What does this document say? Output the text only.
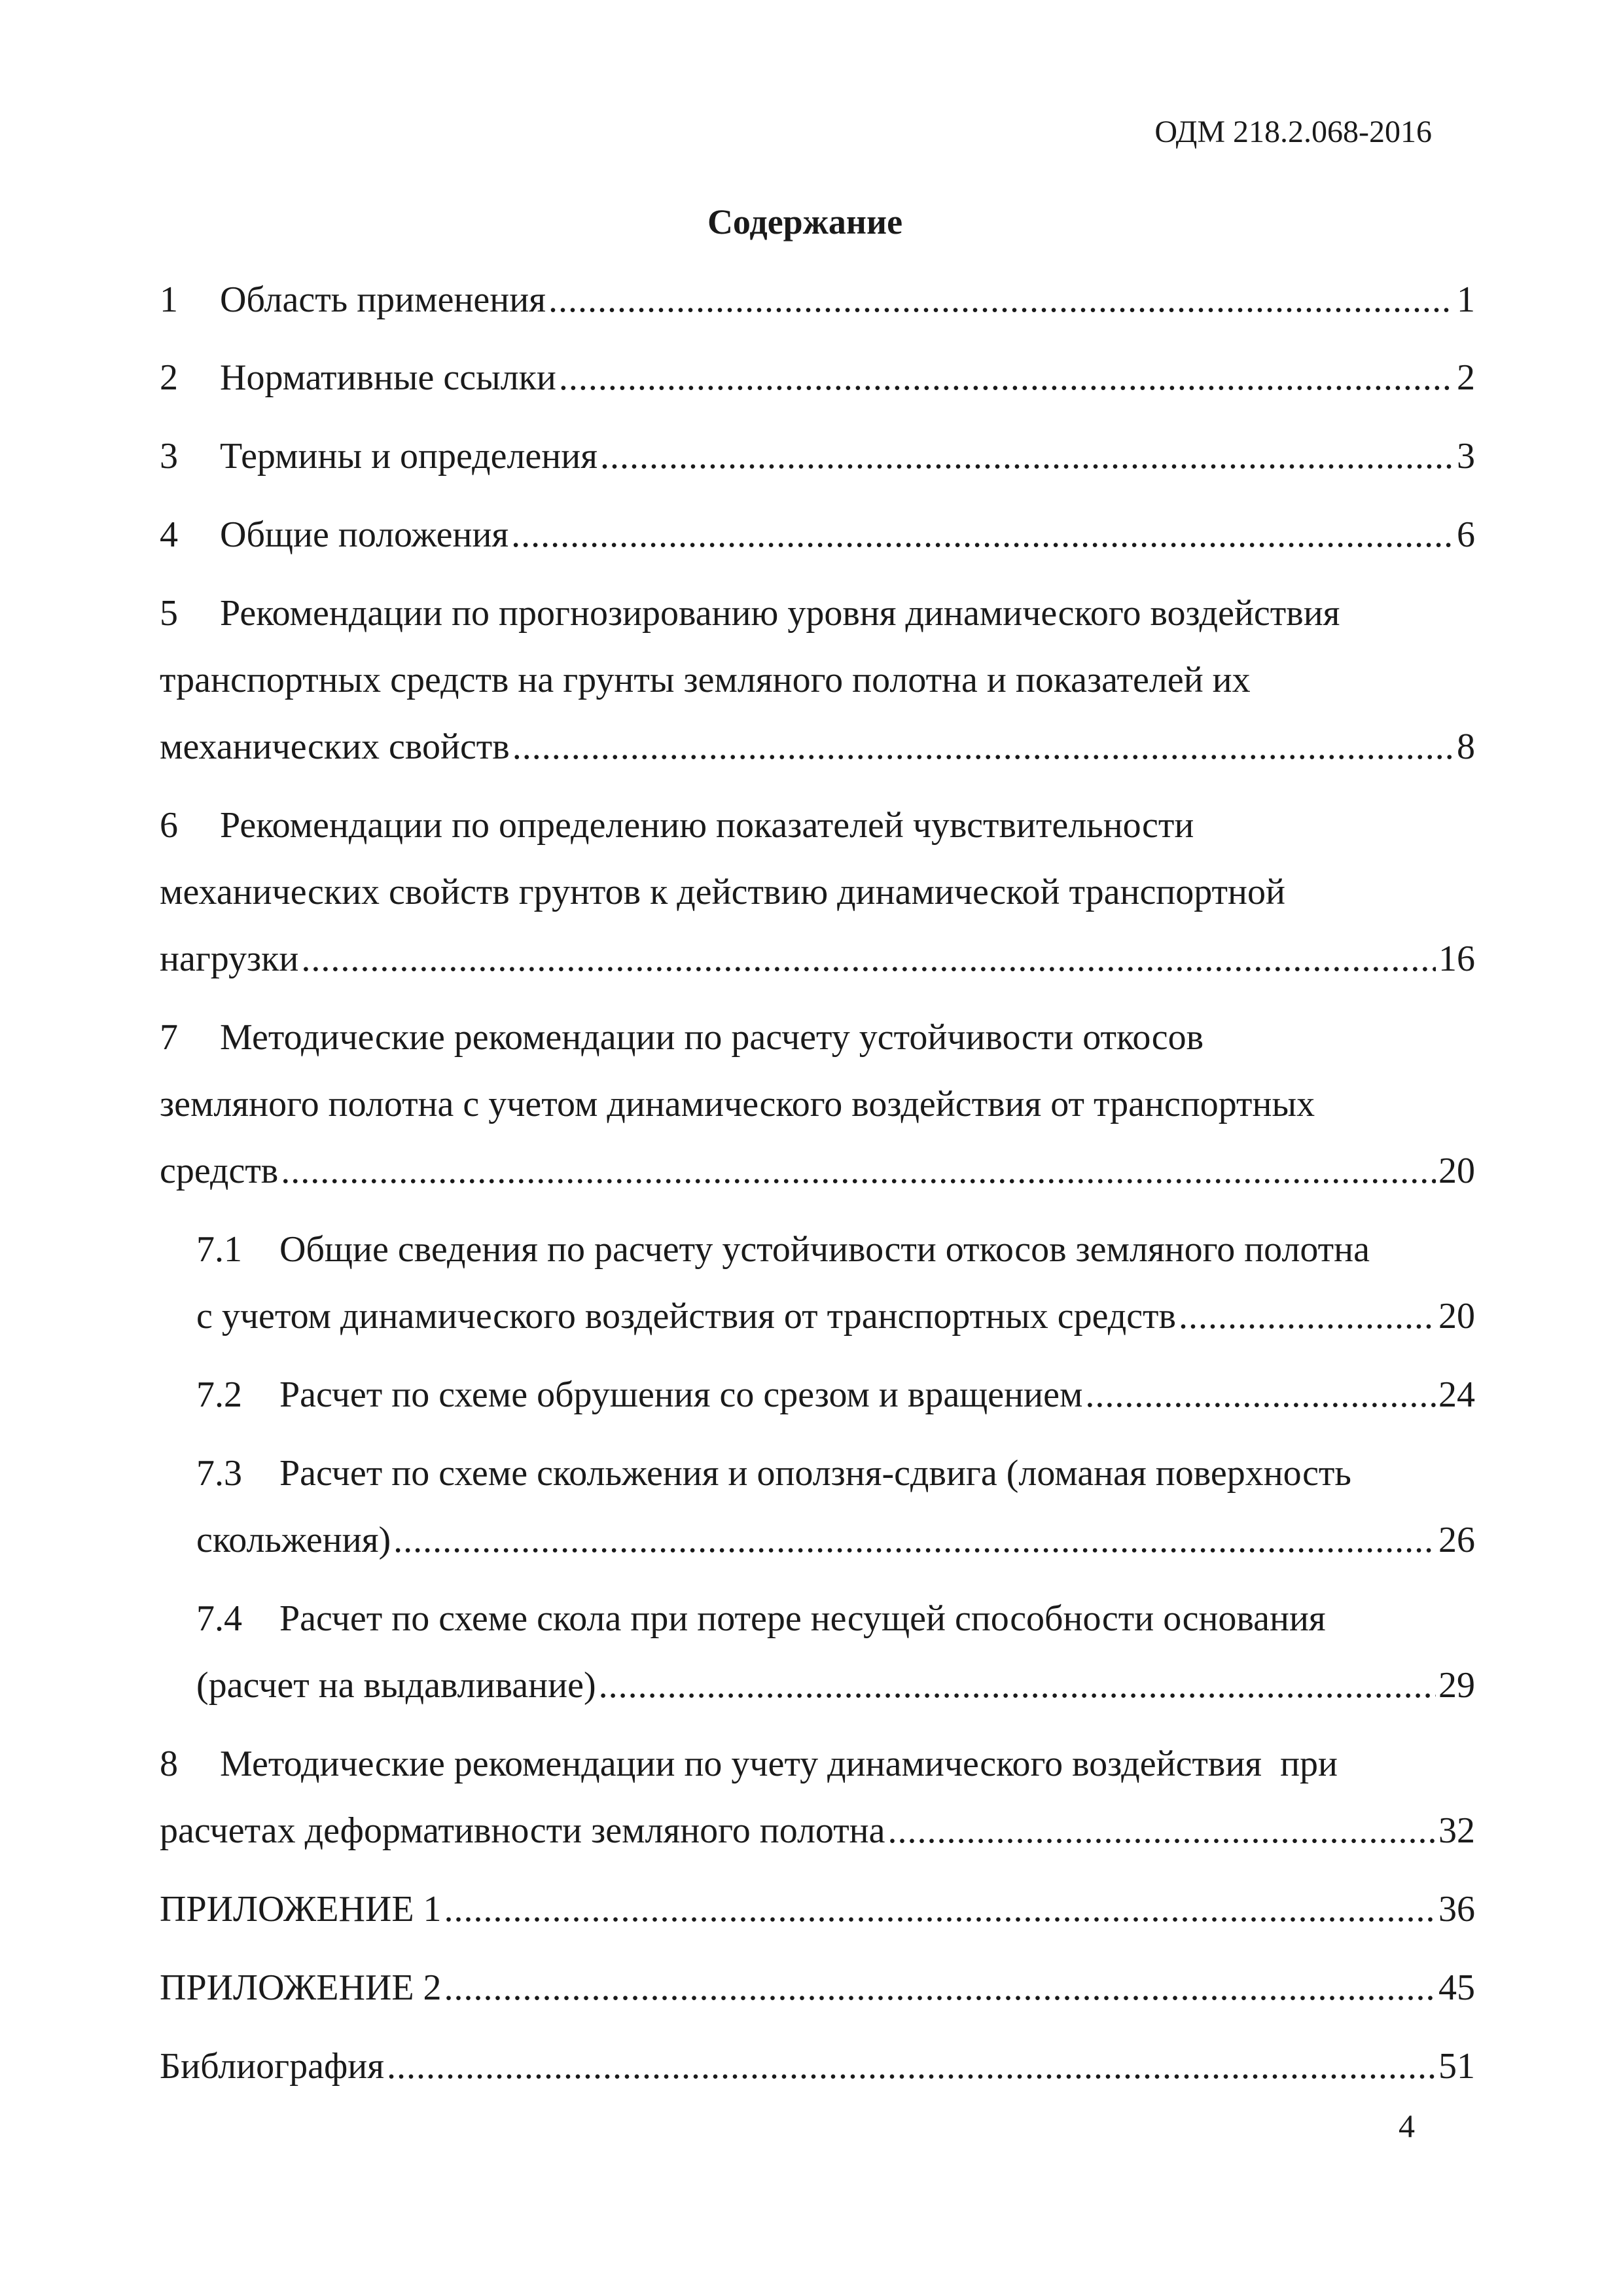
ОДМ 218.2.068-2016
Содержание
1	Область применения .....	1
2	Нормативные ссылки .....	2
3	Термины и определения .....	3
4	Общие положения .....	6
5	Рекомендации по прогнозированию уровня динамического воздействия
транспортных средств на грунты земляного полотна и показателей их
механических свойств .....	8
6	Рекомендации по определению показателей чувствительности
механических свойств грунтов к действию динамической транспортной
нагрузки .....	16
7	Методические рекомендации по расчету устойчивости откосов
земляного полотна с учетом динамического воздействия от транспортных
средств .....	20
7.1	Общие сведения по расчету устойчивости откосов земляного полотна
с учетом динамического воздействия от транспортных средств .....	20
7.2	Расчет по схеме обрушения со срезом и вращением .....	24
7.3	Расчет по схеме скольжения и оползня-сдвига (ломаная поверхность
скольжения) .....	26
7.4	Расчет по схеме скола при потере несущей способности основания
(расчет на выдавливание) .....	29
8	Методические рекомендации по учету динамического воздействия  при
расчетах деформативности земляного полотна .....	32
ПРИЛОЖЕНИЕ 1 .....	36
ПРИЛОЖЕНИЕ 2 .....	45
Библиография .....	51
4
